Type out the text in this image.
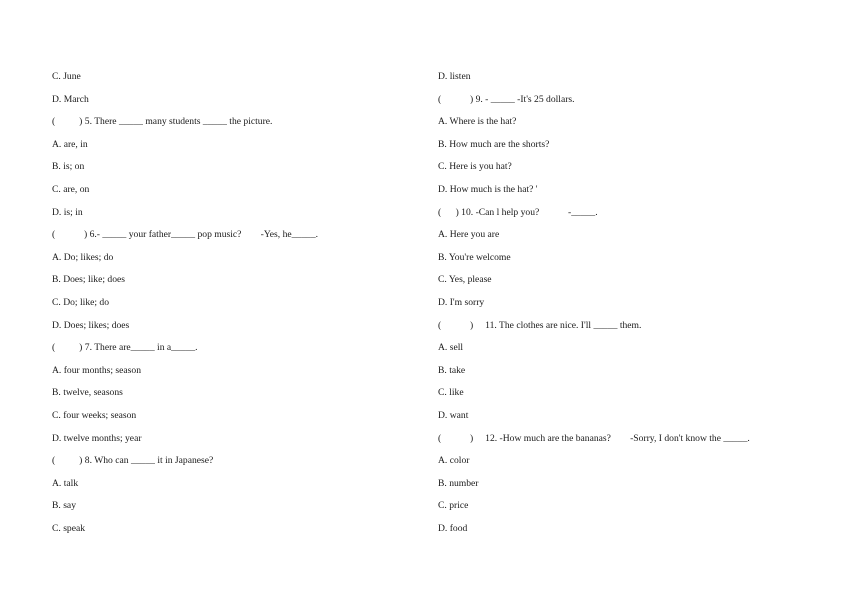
C. June
D. March
(          ) 5. There _____ many students _____ the picture.
A. are, in
B. is; on
C. are, on
D. is; in
(            ) 6.- _____ your father_____ pop music?        -Yes, he_____.
A. Do; likes; do
B. Does; like; does
C. Do; like; do
D. Does; likes; does
(          ) 7. There are_____ in a_____.
A. four months; season
B. twelve, seasons
C. four weeks; season
D. twelve months; year
(          ) 8. Who can _____ it in Japanese?
A. talk
B. say
C. speak
D. listen
(            ) 9. - _____ -It's 25 dollars.
A. Where is the hat?
B. How much are the shorts?
C. Here is you hat?
D. How much is the hat? '
(      ) 10. -Can l help you?            -_____.
A. Here you are
B. You're welcome
C. Yes, please
D. I'm sorry
(            )     11. The clothes are nice. I'll _____ them.
A. sell
B. take
C. like
D. want
(            )     12. -How much are the bananas?        -Sorry, I don't know the _____.
A. color
B. number
C. price
D. food
